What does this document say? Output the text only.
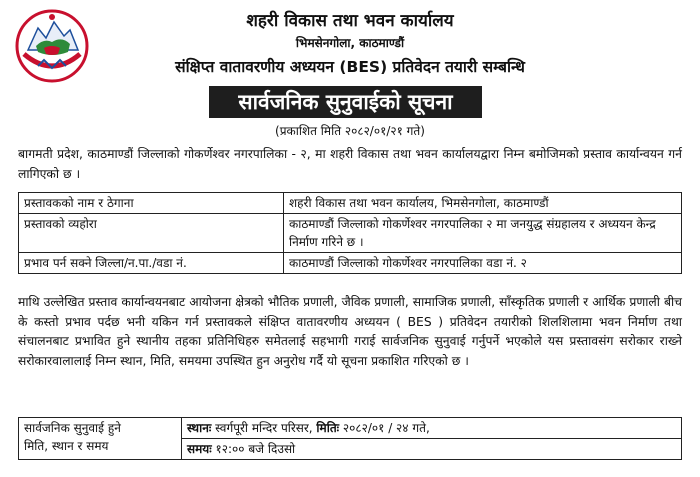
शहरी विकास तथा भवन कार्यालय
भिमसेनगोला, काठमाण्डौं
संक्षिप्त वातावरणीय अध्ययन (BES) प्रतिवेदन तयारी सम्बन्धि
सार्वजनिक सुनुवाईको सूचना
(प्रकाशित मिति २०८२/०१/२१ गते)
बागमती प्रदेश, काठमाण्डौं जिल्लाको गोकर्णेश्वर नगरपालिका - २, मा शहरी विकास तथा भवन कार्यालयद्वारा निम्न बमोजिमको प्रस्ताव कार्यान्वयन गर्न लागिएको छ ।
प्रस्तावकको नाम र ठेगाना	शहरी विकास तथा भवन कार्यालय, भिमसेनगोला, काठमाण्डौं
प्रस्तावको व्यहोरा	काठमाण्डौं जिल्लाको गोकर्णेश्वर नगरपालिका २ मा जनयुद्ध संग्रहालय र अध्ययन केन्द्र निर्माण गरिने छ ।
प्रभाव पर्न सक्ने जिल्ला/न.पा./वडा नं.	काठमाण्डौं जिल्लाको गोकर्णेश्वर नगरपालिका वडा नं. २
माथि उल्लेखित प्रस्ताव कार्यान्वयनबाट आयोजना क्षेत्रको भौतिक प्रणाली, जैविक प्रणाली, सामाजिक प्रणाली, साँस्कृतिक प्रणाली र आर्थिक प्रणाली बीच के कस्तो प्रभाव पर्दछ भनी यकिन गर्न प्रस्तावकले संक्षिप्त वातावरणीय अध्ययन ( BES ) प्रतिवेदन तयारीको शिलशिलामा भवन निर्माण तथा संचालनबाट प्रभावित हुने स्थानीय तहका प्रतिनिधिहरु समेतलाई सहभागी गराई सार्वजनिक सुनुवाई गर्नुपर्ने भएकोले यस प्रस्तावसंग सरोकार राख्ने सरोकारवालालाई निम्न स्थान, मिति, समयमा उपस्थित हुन अनुरोध गर्दै यो सूचना प्रकाशित गरिएको छ ।
सार्वजनिक सुनुवाई हुने
मिति, स्थान र समय
	स्थानः स्वर्गपूरी मन्दिर परिसर, मितिः २०८२/०१ / २४ गते,
समयः १२:०० बजे दिउसो
